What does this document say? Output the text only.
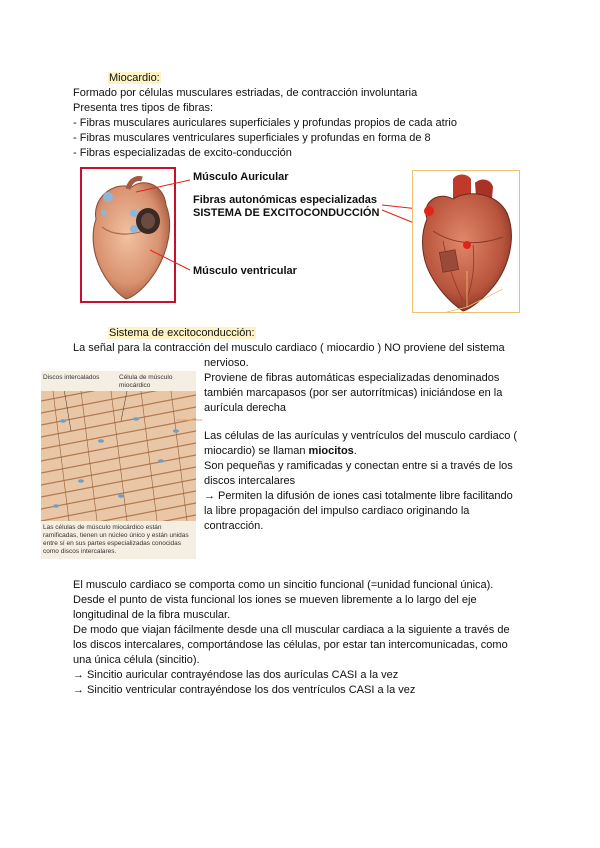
Miocardio:
Formado por células musculares estriadas, de contracción involuntaria
Presenta tres tipos de fibras:
- Fibras musculares auriculares superficiales y profundas propios de cada atrio
- Fibras musculares ventriculares superficiales y profundas en forma de 8
- Fibras especializadas de excito-conducción
Músculo Auricular
Fibras autonómicas especializadas
SISTEMA DE EXCITOCONDUCCIÓN
Músculo ventricular
Sistema de excitoconducción:
La señal para la contracción del musculo cardiaco ( miocardio ) NO proviene del sistema
nervioso.
Proviene de fibras automáticas especializadas denominados
también marcapasos (por ser autorrítmicas) iniciándose en la
aurícula derecha
Las células de las aurículas y ventrículos del musculo cardiaco (
miocardio) se llaman miocitos.
Son pequeñas y ramificadas y conectan entre si a través de los
discos intercalares
→ Permiten la difusión de iones casi totalmente libre facilitando
la libre propagación del impulso cardiaco originando la
contracción.
Discos intercalados	Célula de músculo
miocárdico
Las células de músculo miocárdico están ramificadas, tienen un núcleo único y están unidas entre sí en sus partes especializadas conocidas como discos intercalares.
El musculo cardiaco se comporta como un sincitio funcional (=unidad funcional única).
Desde el punto de vista funcional los iones se mueven libremente a lo largo del eje
longitudinal de la fibra muscular.
De modo que viajan fácilmente desde una cll muscular cardiaca a la siguiente a través de
los discos intercalares, comportándose las células, por estar tan intercomunicadas, como
una única célula (sincitio).
→ Sincitio auricular contrayéndose las dos aurículas CASI a la vez
→ Sincitio ventricular contrayéndose los dos ventrículos CASI a la vez
